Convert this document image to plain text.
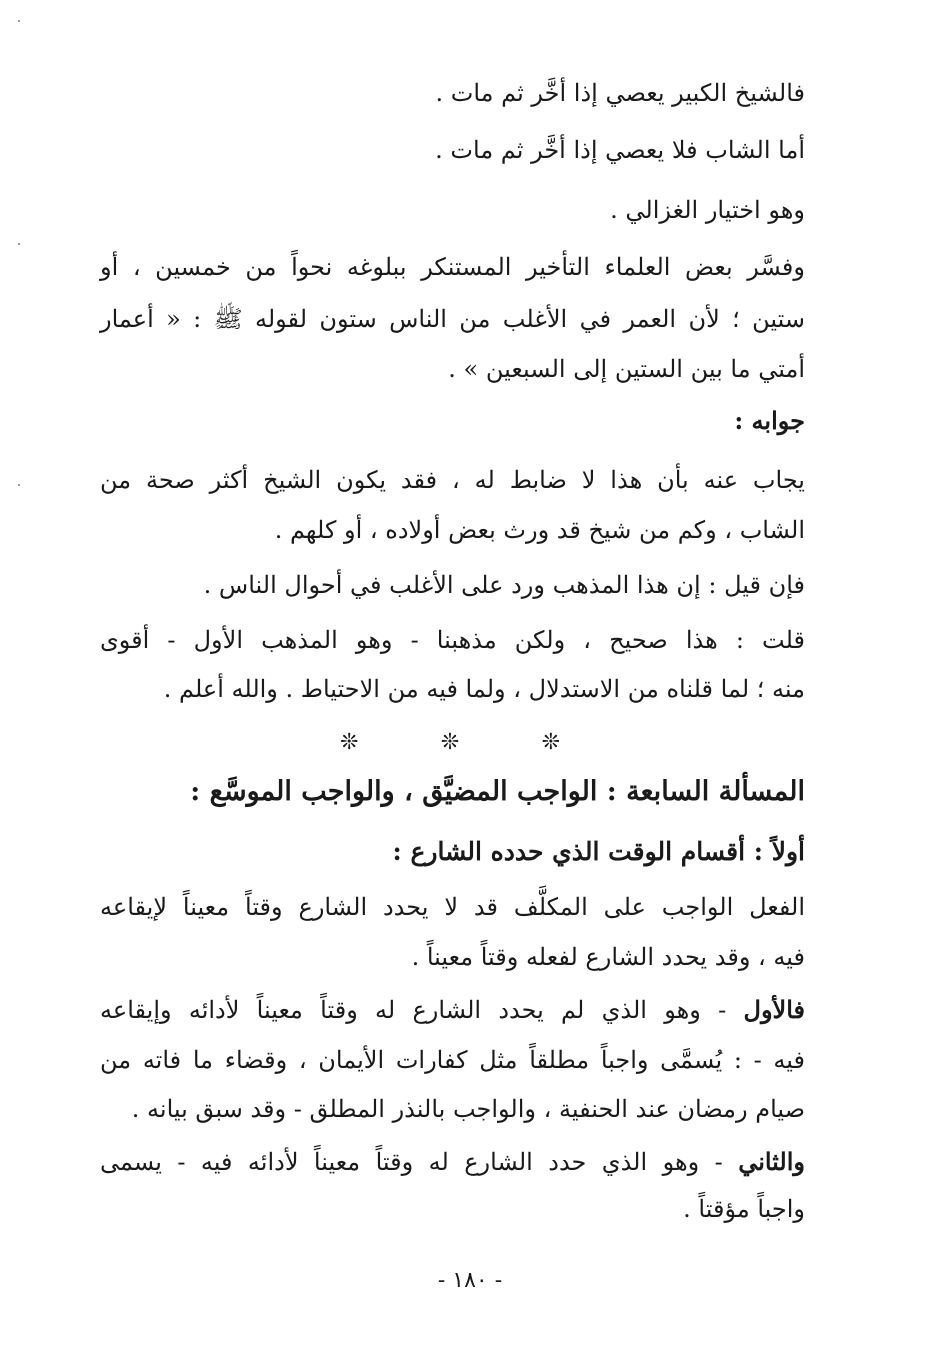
فالشيخ الكبير يعصي إذا أخَّر ثم مات .
أما الشاب فلا يعصي إذا أخَّر ثم مات .
وهو اختيار الغزالي .
وفسَّر بعض العلماء التأخير المستنكر ببلوغه نحواً من خمسين ، أو
ستين ؛ لأن العمر في الأغلب من الناس ستون لقوله ﷺ : « أعمار
أمتي ما بين الستين إلى السبعين » .
جوابه :
يجاب عنه بأن هذا لا ضابط له ، فقد يكون الشيخ أكثر صحة من
الشاب ، وكم من شيخ قد ورث بعض أولاده ، أو كلهم .
فإن قيل : إن هذا المذهب ورد على الأغلب في أحوال الناس .
قلت : هذا صحيح ، ولكن مذهبنا - وهو المذهب الأول - أقوى
منه ؛ لما قلناه من الاستدلال ، ولما فيه من الاحتياط . والله أعلم .
❊	❊	❊
المسألة السابعة : الواجب المضيَّق ، والواجب الموسَّع :
أولاً : أقسام الوقت الذي حدده الشارع :
الفعل الواجب على المكلَّف قد لا يحدد الشارع وقتاً معيناً لإيقاعه
فيه ، وقد يحدد الشارع لفعله وقتاً معيناً .
فالأول - وهو الذي لم يحدد الشارع له وقتاً معيناً لأدائه وإيقاعه
فيه - : يُسمَّى واجباً مطلقاً مثل كفارات الأيمان ، وقضاء ما فاته من
صيام رمضان عند الحنفية ، والواجب بالنذر المطلق - وقد سبق بيانه .
والثاني - وهو الذي حدد الشارع له وقتاً معيناً لأدائه فيه - يسمى
واجباً مؤقتاً .
- ١٨٠ -
